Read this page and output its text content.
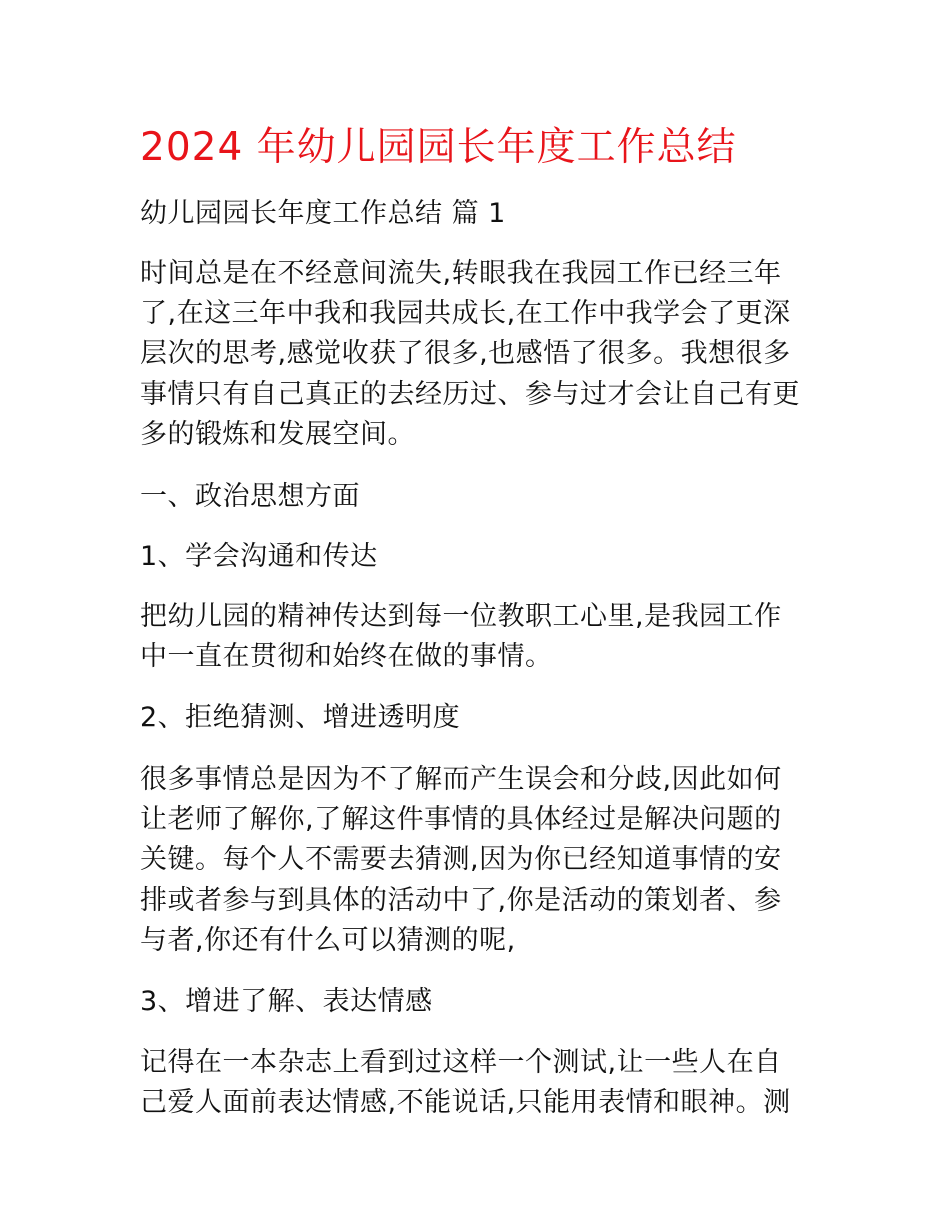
2024 年幼儿园园长年度工作总结
幼儿园园长年度工作总结 篇 1
时间总是在不经意间流失,转眼我在我园工作已经三年
了,在这三年中我和我园共成长,在工作中我学会了更深
层次的思考,感觉收获了很多,也感悟了很多。我想很多
事情只有自己真正的去经历过、参与过才会让自己有更
多的锻炼和发展空间。
一、政治思想方面
1、学会沟通和传达
把幼儿园的精神传达到每一位教职工心里,是我园工作
中一直在贯彻和始终在做的事情。
2、拒绝猜测、增进透明度
很多事情总是因为不了解而产生误会和分歧,因此如何
让老师了解你,了解这件事情的具体经过是解决问题的
关键。每个人不需要去猜测,因为你已经知道事情的安
排或者参与到具体的活动中了,你是活动的策划者、参
与者,你还有什么可以猜测的呢,
3、增进了解、表达情感
记得在一本杂志上看到过这样一个测试,让一些人在自
己爱人面前表达情感,不能说话,只能用表情和眼神。测
